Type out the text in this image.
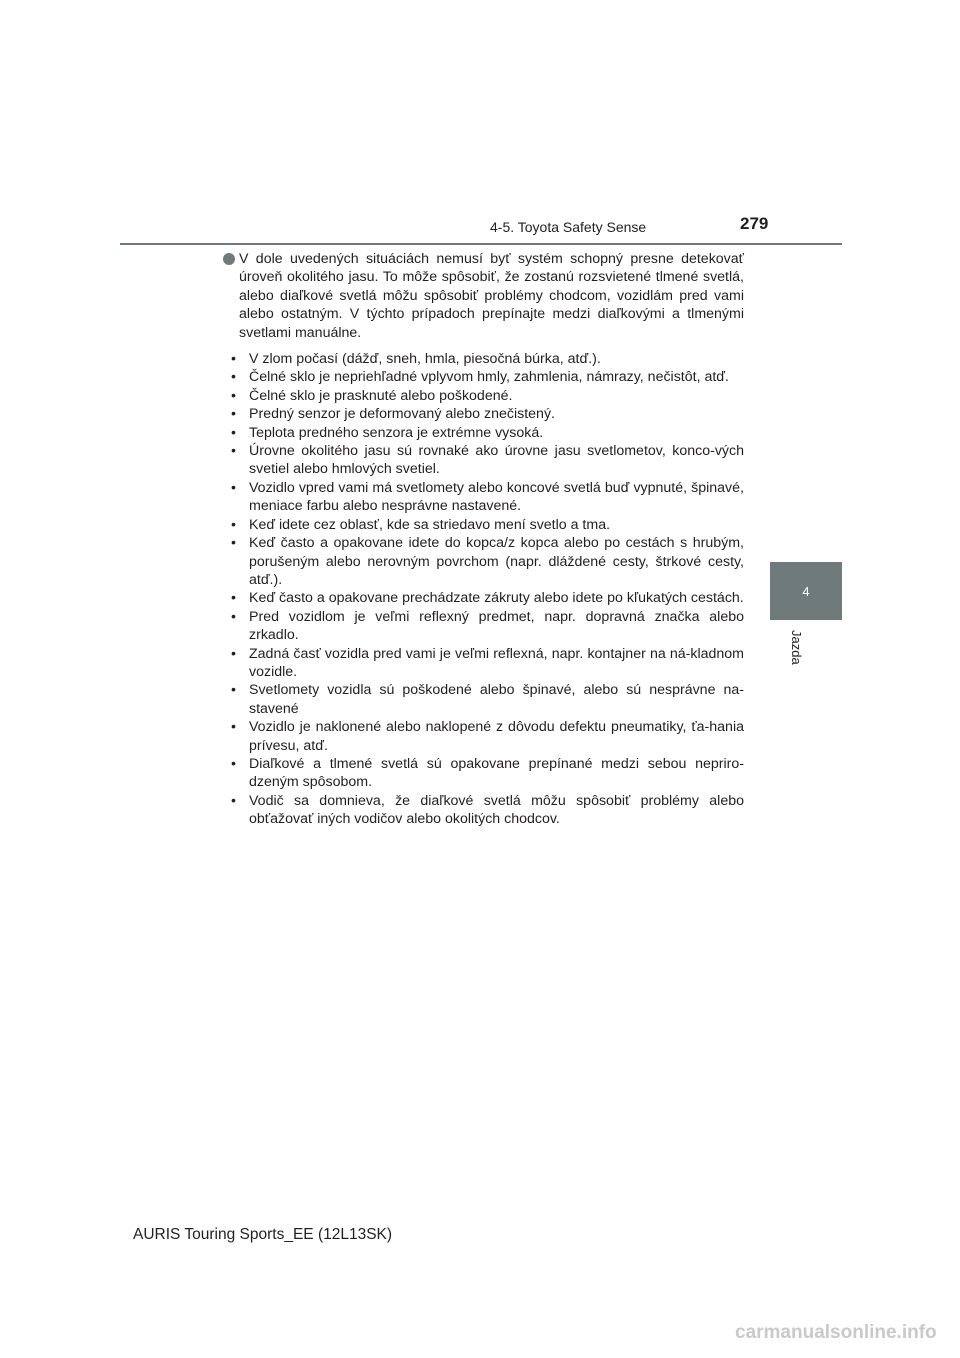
4-5. Toyota Safety Sense	279
4
Jazda
V dole uvedených situáciách nemusí byť systém schopný presne detekovať úroveň okolitého jasu. To môže spôsobiť, že zostanú rozsvietené tlmené svetlá, alebo diaľkové svetlá môžu spôsobiť problémy chodcom, vozidlám pred vami alebo ostatným. V týchto prípadoch prepínajte medzi diaľkovými a tlmenými svetlami manuálne.
• V zlom počasí (dážď, sneh, hmla, piesočná búrka, atď.).
• Čelné sklo je nepriehľadné vplyvom hmly, zahmlenia, námrazy, nečistôt, atď.
• Čelné sklo je prasknuté alebo poškodené.
• Predný senzor je deformovaný alebo znečistený.
• Teplota predného senzora je extrémne vysoká.
• Úrovne okolitého jasu sú rovnaké ako úrovne jasu svetlometov, konco-vých svetiel alebo hmlových svetiel.
• Vozidlo vpred vami má svetlomety alebo koncové svetlá buď vypnuté, špinavé, meniace farbu alebo nesprávne nastavené.
• Keď idete cez oblasť, kde sa striedavo mení svetlo a tma.
• Keď často a opakovane idete do kopca/z kopca alebo po cestách s hrubým, porušeným alebo nerovným povrchom (napr. dláždené cesty, štrkové cesty, atď.).
• Keď často a opakovane prechádzate zákruty alebo idete po kľukatých cestách.
• Pred vozidlom je veľmi reflexný predmet, napr. dopravná značka alebo zrkadlo.
• Zadná časť vozidla pred vami je veľmi reflexná, napr. kontajner na ná-kladnom vozidle.
• Svetlomety vozidla sú poškodené alebo špinavé, alebo sú nesprávne na-stavené
• Vozidlo je naklonené alebo naklopené z dôvodu defektu pneumatiky, ťa-hania prívesu, atď.
• Diaľkové a tlmené svetlá sú opakovane prepínané medzi sebou nepriro-dzeným spôsobom.
• Vodič sa domnieva, že diaľkové svetlá môžu spôsobiť problémy alebo obťažovať iných vodičov alebo okolitých chodcov.
AURIS Touring Sports_EE (12L13SK)
carmanualsonline.info
